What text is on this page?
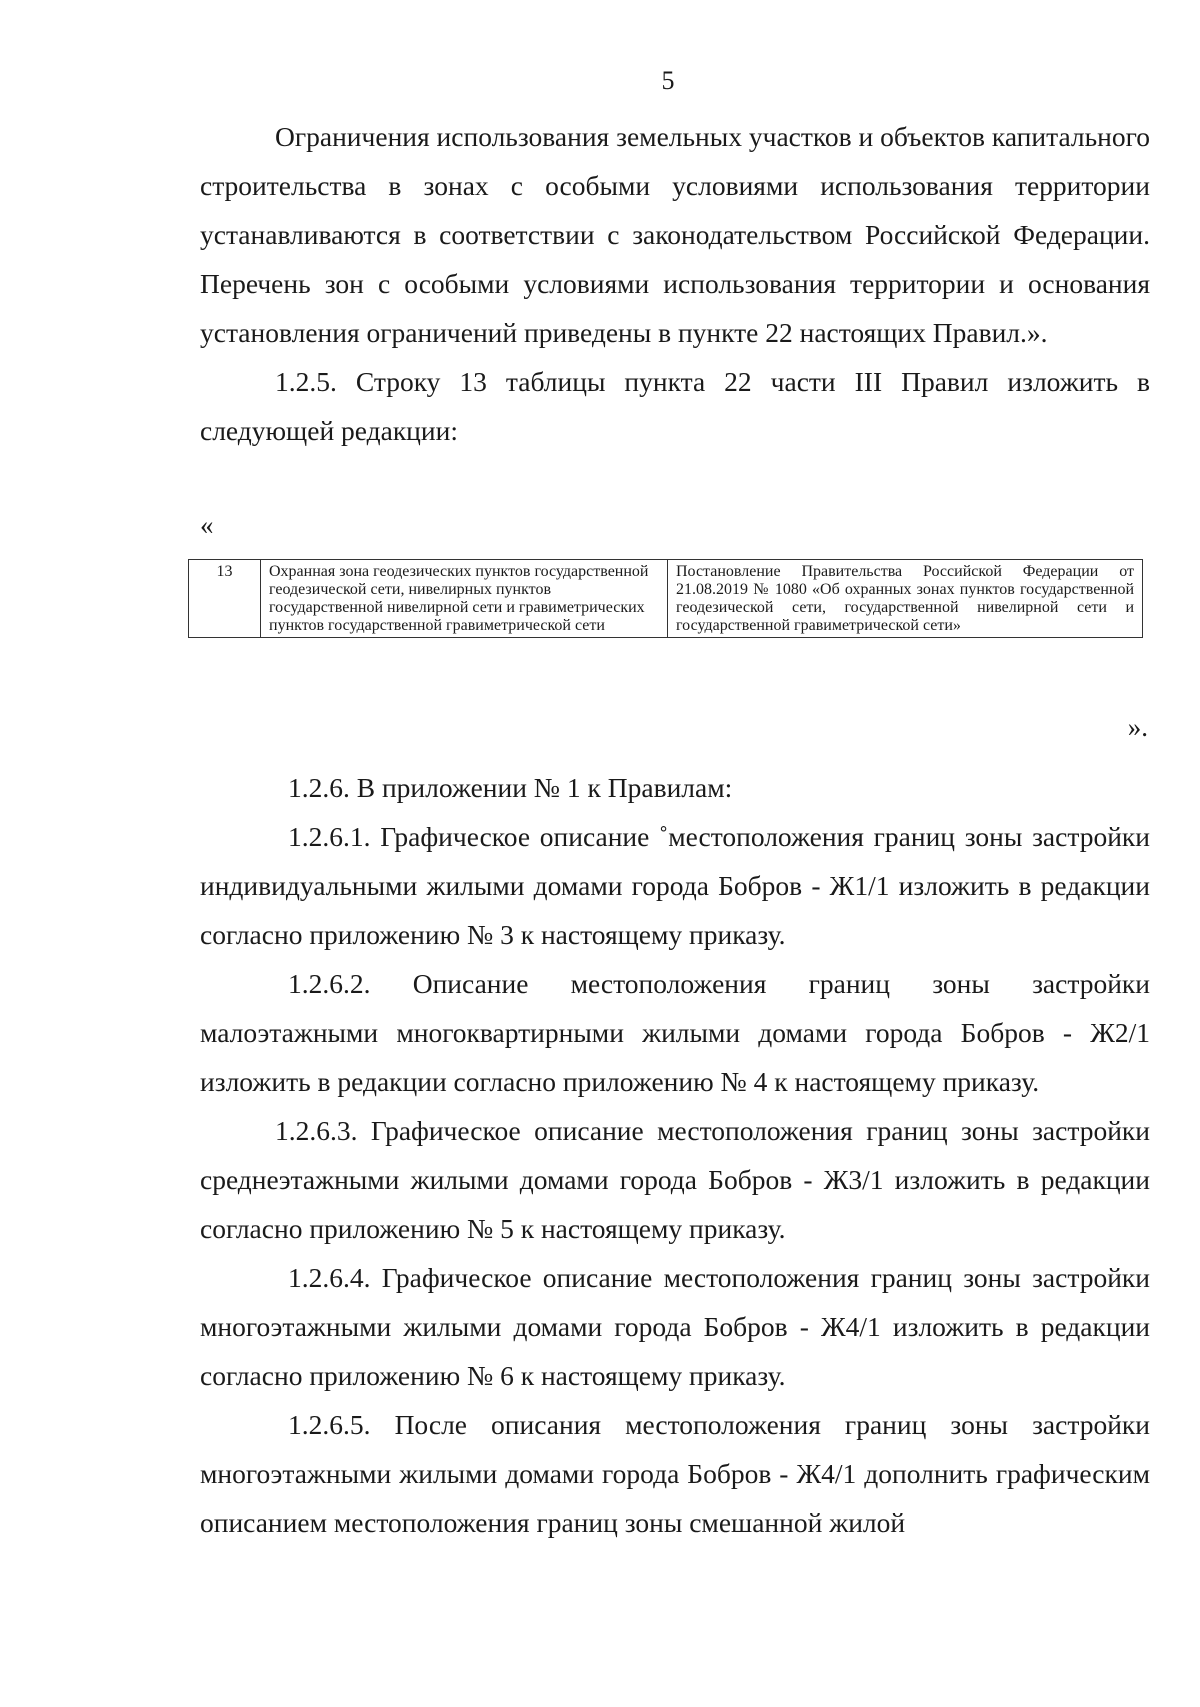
5

Ограничения использования земельных участков и объектов капитального строительства в зонах с особыми условиями использования территории устанавливаются в соответствии с законодательством Российской Федерации. Перечень зон с особыми условиями использования территории и основания установления ограничений приведены в пункте 22 настоящих Правил.».

1.2.5. Строку 13 таблицы пункта 22 части III Правил изложить в следующей редакции:

«
13	Охранная зона геодезических пунктов государственной геодезической сети, нивелирных пунктов государственной нивелирной сети и гравиметрических пунктов государственной гравиметрической сети	Постановление Правительства Российской Федерации от 21.08.2019 № 1080 «Об охранных зонах пунктов государственной геодезической сети, государственной нивелирной сети и государственной гравиметрической сети»
».

1.2.6. В приложении № 1 к Правилам:

1.2.6.1. Графическое описание ˚местоположения границ зоны застройки индивидуальными жилыми домами города Бобров - Ж1/1 изложить в редакции согласно приложению № 3 к настоящему приказу.

1.2.6.2. Описание местоположения границ зоны застройки малоэтажными многоквартирными жилыми домами города Бобров - Ж2/1 изложить в редакции согласно приложению № 4 к настоящему приказу.

1.2.6.3. Графическое описание местоположения границ зоны застройки среднеэтажными жилыми домами города Бобров - Ж3/1 изложить в редакции согласно приложению № 5 к настоящему приказу.

1.2.6.4. Графическое описание местоположения границ зоны застройки многоэтажными жилыми домами города Бобров - Ж4/1 изложить в редакции согласно приложению № 6 к настоящему приказу.

1.2.6.5. После описания местоположения границ зоны застройки многоэтажными жилыми домами города Бобров - Ж4/1 дополнить графическим описанием местоположения границ зоны смешанной жилой
